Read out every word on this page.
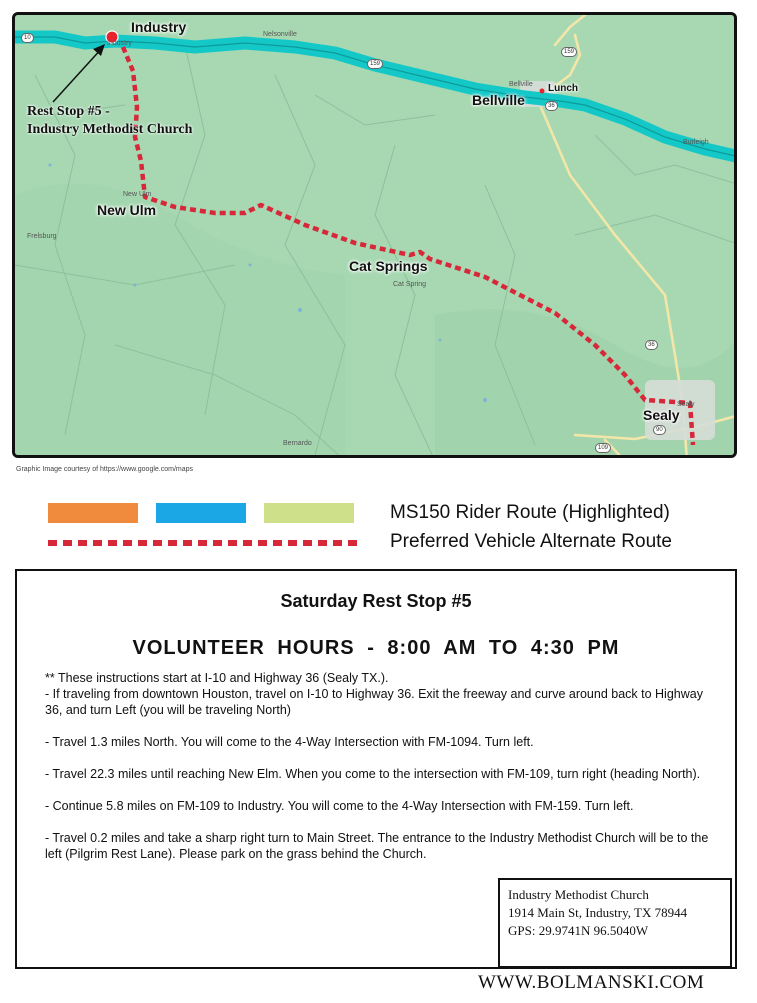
Industry
Bellville
Lunch
New Ulm
Cat Springs
Sealy
Industry
Nelsonville
Bellville
Burleigh
New Ulm
Frelsburg
Cat Spring
Bernardo
Sealy
10
159
159
36
36
90
109
Rest Stop #5 -
Industry Methodist Church
Graphic Image courtesy of https://www.google.com/maps
MS150 Rider Route (Highlighted)
Preferred Vehicle Alternate Route
Saturday Rest Stop #5
VOLUNTEER HOURS - 8:00 AM TO 4:30 PM

** These instructions start at I-10 and Highway 36 (Sealy TX.).

- If traveling from downtown Houston, travel on I-10 to Highway 36. Exit the freeway and curve around back to Highway 36, and turn Left (you will be traveling North)

- Travel 1.3 miles North. You will come to the 4-Way Intersection with FM-1094. Turn left.

- Travel 22.3 miles until reaching New Elm. When you come to the intersection with FM-109, turn right (heading North).

- Continue 5.8 miles on FM-109 to Industry. You will come to the 4-Way Intersection with FM-159. Turn left.

- Travel 0.2 miles and take a sharp right turn to Main Street. The entrance to the Industry Methodist Church will be to the left (Pilgrim Rest Lane). Please park on the grass behind the Church.

Industry Methodist Church
1914 Main St, Industry, TX 78944
GPS: 29.9741N 96.5040W
WWW.BOLMANSKI.COM
